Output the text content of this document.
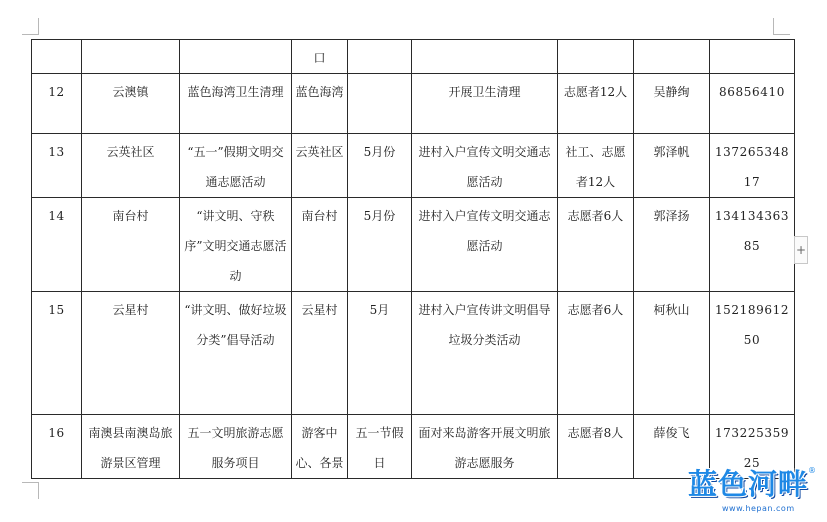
			口					

12	云澳镇	蓝色海湾卫生清理	蓝色海湾		开展卫生清理	志愿者12人	吴静绚	86856410

13	云英社区	“五一”假期文明交通志愿活动	云英社区	5月份	进村入户宣传文明交通志愿活动	社工、志愿者12人	郭泽帆	13726534817

14	南台村	“讲文明、守秩序”文明交通志愿活动	南台村	5月份	进村入户宣传文明交通志愿活动	志愿者6人	郭泽扬	13413436385

15	云星村	“讲文明、做好垃圾分类”倡导活动	云星村	5月	进村入户宣传讲文明倡导垃圾分类活动	志愿者6人	柯秋山	15218961250

16	南澳县南澳岛旅游景区管理	五一文明旅游志愿服务项目	游客中心、各景	五一节假日	面对来岛游客开展文明旅游志愿服务	志愿者8人	薛俊飞	17322535925
+
蓝色河畔 ®
www.hepan.com
